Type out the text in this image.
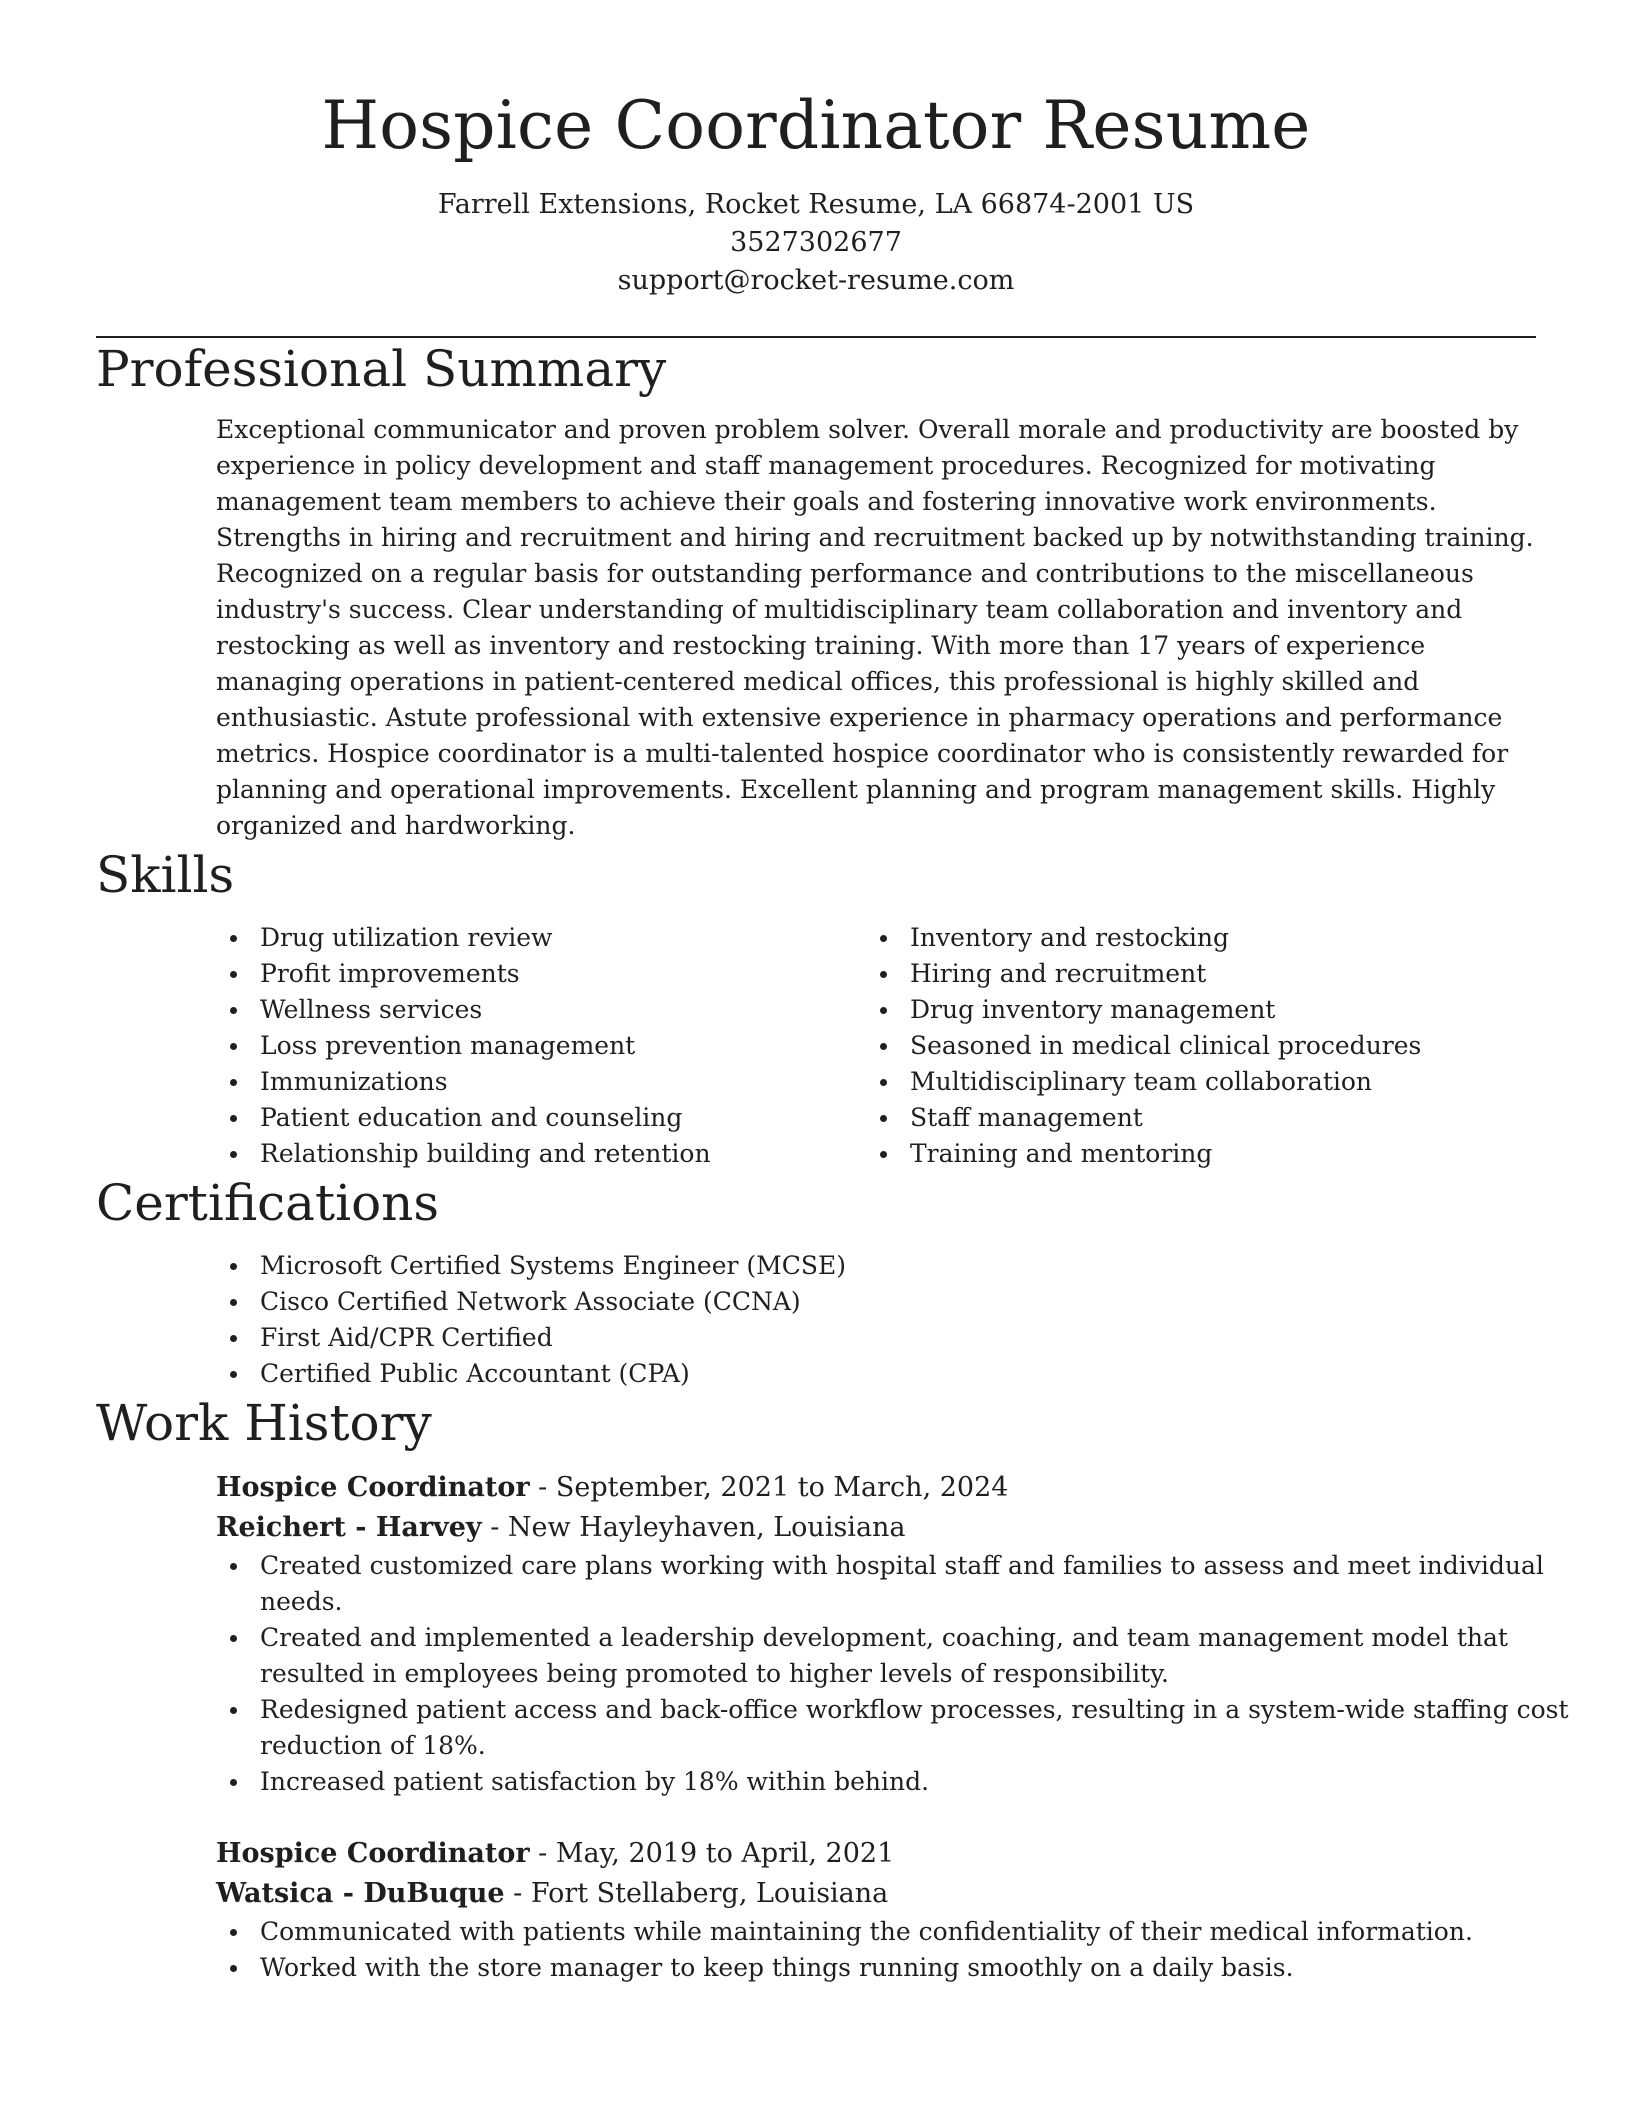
Hospice Coordinator Resume
Farrell Extensions, Rocket Resume, LA 66874-2001 US
3527302677
support@rocket-resume.com
Professional Summary
Exceptional communicator and proven problem solver. Overall morale and productivity are boosted by experience in policy development and staff management procedures. Recognized for motivating management team members to achieve their goals and fostering innovative work environments. Strengths in hiring and recruitment and hiring and recruitment backed up by notwithstanding training. Recognized on a regular basis for outstanding performance and contributions to the miscellaneous industry's success. Clear understanding of multidisciplinary team collaboration and inventory and restocking as well as inventory and restocking training. With more than 17 years of experience managing operations in patient-centered medical offices, this professional is highly skilled and enthusiastic. Astute professional with extensive experience in pharmacy operations and performance metrics. Hospice coordinator is a multi-talented hospice coordinator who is consistently rewarded for planning and operational improvements. Excellent planning and program management skills. Highly organized and hardworking.
Skills
Drug utilization review
Profit improvements
Wellness services
Loss prevention management
Immunizations
Patient education and counseling
Relationship building and retention
Inventory and restocking
Hiring and recruitment
Drug inventory management
Seasoned in medical clinical procedures
Multidisciplinary team collaboration
Staff management
Training and mentoring
Certifications
Microsoft Certified Systems Engineer (MCSE)
Cisco Certified Network Associate (CCNA)
First Aid/CPR Certified
Certified Public Accountant (CPA)
Work History
Hospice Coordinator - September, 2021 to March, 2024
Reichert - Harvey - New Hayleyhaven, Louisiana
Created customized care plans working with hospital staff and families to assess and meet individual needs.
Created and implemented a leadership development, coaching, and team management model that resulted in employees being promoted to higher levels of responsibility.
Redesigned patient access and back-office workflow processes, resulting in a system-wide staffing cost reduction of 18%.
Increased patient satisfaction by 18% within behind.
Hospice Coordinator - May, 2019 to April, 2021
Watsica - DuBuque - Fort Stellaberg, Louisiana
Communicated with patients while maintaining the confidentiality of their medical information.
Worked with the store manager to keep things running smoothly on a daily basis.
